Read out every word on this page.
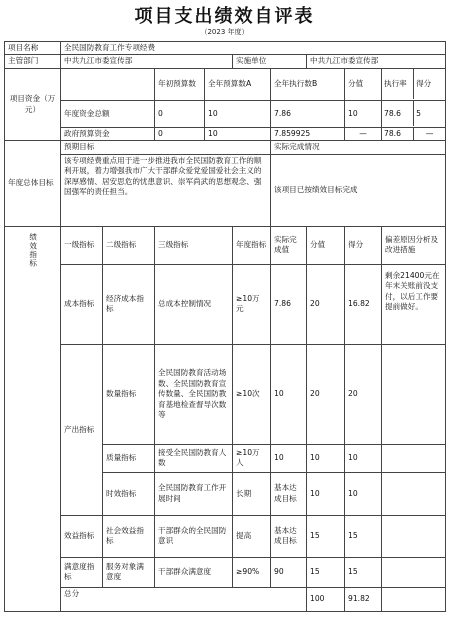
项目支出绩效自评表
（2023 年度）
项目名称	全民国防教育工作专项经费								
主管部门	中共九江市委宣传部				实施单位		中共九江市委宣传部		
项目资金（万元）			年初预算数	全年预算数A		全年执行数B		分值	执行率 得分

	年度资金总额		0	10		7.86		10	78.6 5

	政府预算资金		0	10		7.859925		—	78.6 —

年度总体目标	预期目标					实际完成情况			
	该专项经费重点用于进一步推进我市全民国防教育工作的顺利开展，着力增强我市广大干部群众爱党爱国爱社会主义的深厚感情、居安思危的忧患意识、崇军尚武的思想观念、强国强军的责任担当。					该项目已按绩效目标完成			
绩效指标	一级指标	二级指标	三级指标		年度指标	实际完成值	分值	得分	偏差原因分析及改进措施
	成本指标	经济成本指标	总成本控制情况		≥10万元	7.86	20	16.82	剩余21400元在年末关账前没支付，以后工作要提前做好。
	产出指标	数量指标	全民国防教育活动场数、全民国防教育宣传数量、全民国防教育基地检查督导次数等		≥10次	10	20	20	
		质量指标	接受全民国防教育人数		≥10万人	10	10	10	
		时效指标	全民国防教育工作开展时间		长期	基本达成目标	10	10	
	效益指标	社会效益指标	干部群众的全民国防意识		提高	基本达成目标	15	15	
	满意度指标	服务对象满意度	干部群众满意度		≥90%	90	15	15	
	总分						100	91.82	
